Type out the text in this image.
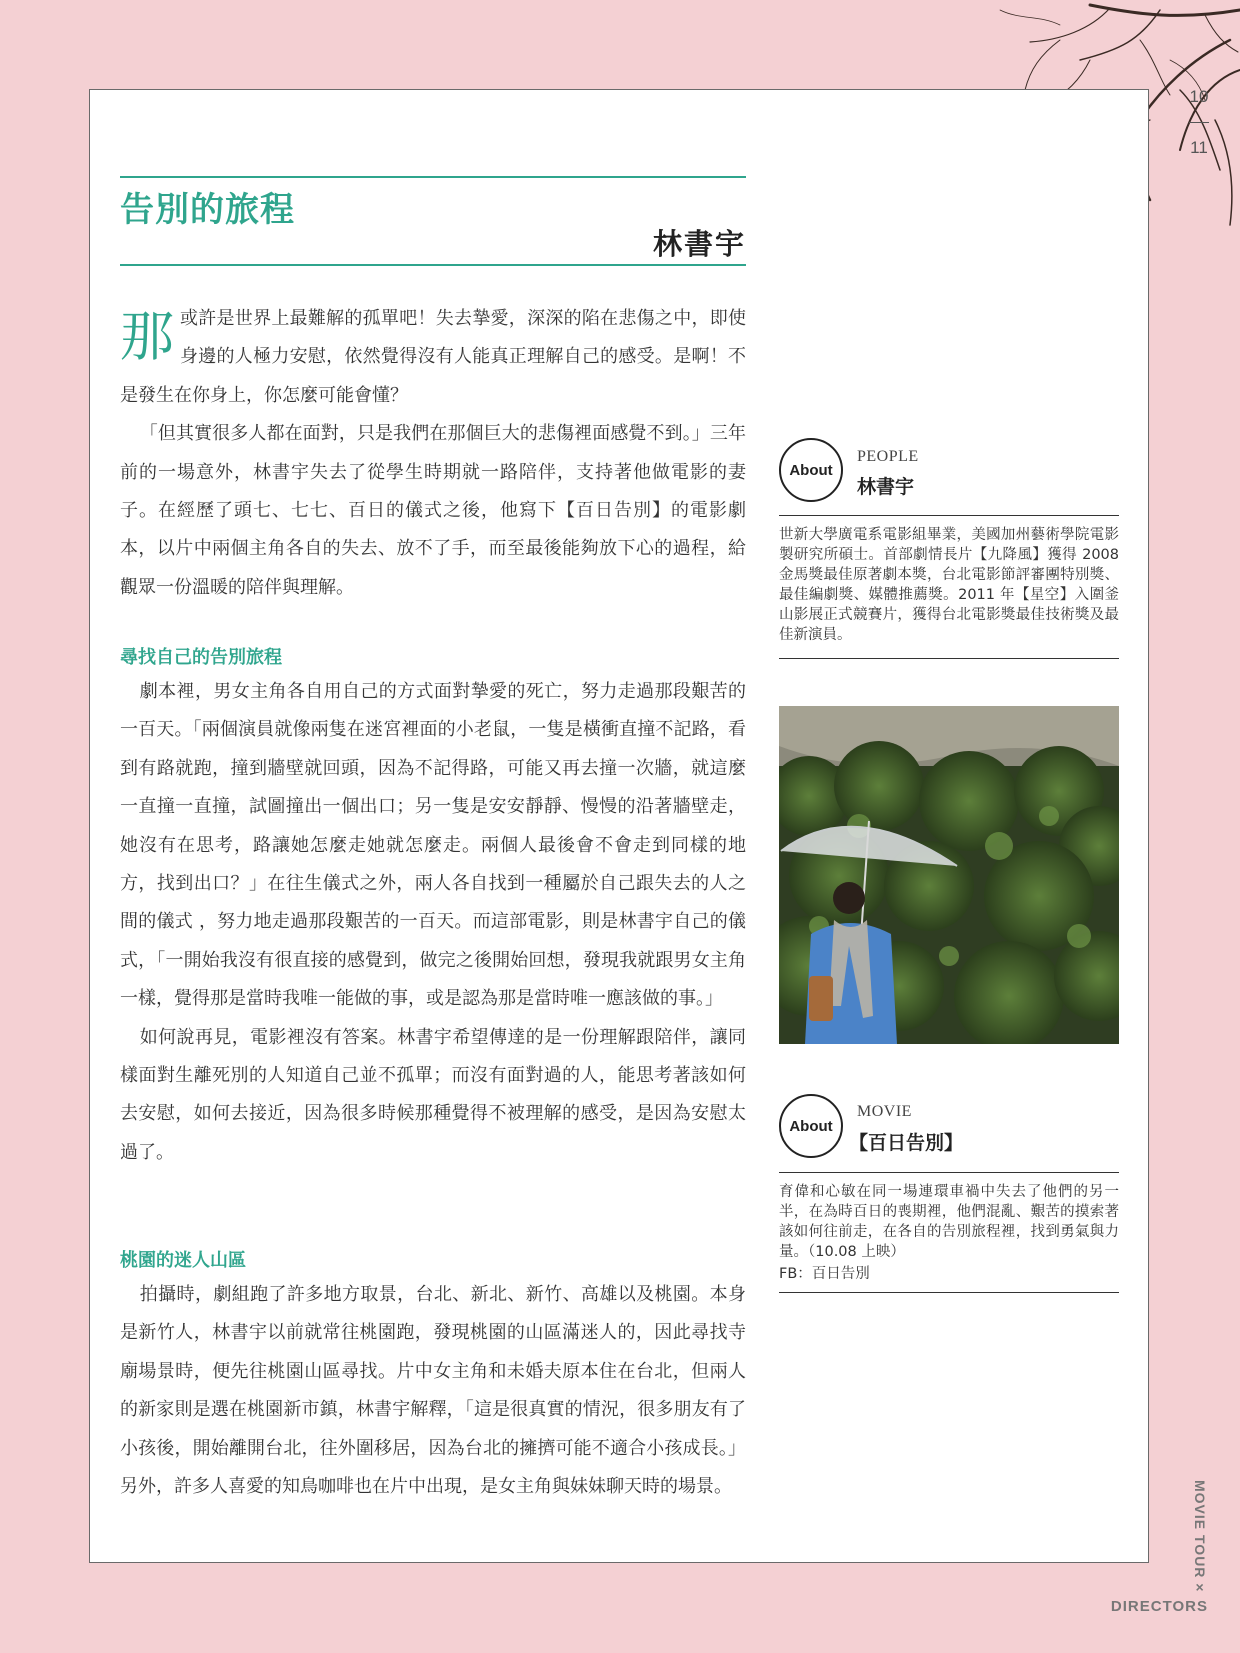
10
11
告別的旅程
林書宇

那 或許是世界上最難解的孤單吧！失去摯愛，深深的陷在悲傷之中，即使身邊的人極力安慰，依然覺得沒有人能真正理解自己的感受。是啊！不是發生在你身上，你怎麼可能會懂？

「但其實很多人都在面對，只是我們在那個巨大的悲傷裡面感覺不到。」三年前的一場意外，林書宇失去了從學生時期就一路陪伴，支持著他做電影的妻子。在經歷了頭七、七七、百日的儀式之後，他寫下【百日告別】的電影劇本，以片中兩個主角各自的失去、放不了手，而至最後能夠放下心的過程，給觀眾一份溫暖的陪伴與理解。

尋找自己的告別旅程

劇本裡，男女主角各自用自己的方式面對摯愛的死亡，努力走過那段艱苦的一百天。「兩個演員就像兩隻在迷宮裡面的小老鼠，一隻是橫衝直撞不記路，看到有路就跑，撞到牆壁就回頭，因為不記得路，可能又再去撞一次牆，就這麼一直撞一直撞，試圖撞出一個出口；另一隻是安安靜靜、慢慢的沿著牆壁走，她沒有在思考，路讓她怎麼走她就怎麼走。兩個人最後會不會走到同樣的地方，找到出口？」在往生儀式之外，兩人各自找到一種屬於自己跟失去的人之間的儀式 ，努力地走過那段艱苦的一百天。而這部電影，則是林書宇自己的儀式，「一開始我沒有很直接的感覺到，做完之後開始回想，發現我就跟男女主角一樣，覺得那是當時我唯一能做的事，或是認為那是當時唯一應該做的事。」

如何說再見，電影裡沒有答案。林書宇希望傳達的是一份理解跟陪伴，讓同樣面對生離死別的人知道自己並不孤單；而沒有面對過的人，能思考著該如何去安慰，如何去接近，因為很多時候那種覺得不被理解的感受，是因為安慰太過了。

桃園的迷人山區

拍攝時，劇組跑了許多地方取景，台北、新北、新竹、高雄以及桃園。本身是新竹人，林書宇以前就常往桃園跑，發現桃園的山區滿迷人的，因此尋找寺廟場景時，便先往桃園山區尋找。片中女主角和未婚夫原本住在台北，但兩人的新家則是選在桃園新市鎮，林書宇解釋，「這是很真實的情況，很多朋友有了小孩後，開始離開台北，往外圍移居，因為台北的擁擠可能不適合小孩成長。」另外，許多人喜愛的知鳥咖啡也在片中出現，是女主角與妹妹聊天時的場景。

About
PEOPLE
林書宇

世新大學廣電系電影組畢業，美國加州藝術學院電影製研究所碩士。首部劇情長片【九降風】獲得 2008 金馬獎最佳原著劇本獎，台北電影節評審團特別獎、最佳編劇獎、媒體推薦獎。2011 年【星空】入圍釜山影展正式競賽片，獲得台北電影獎最佳技術獎及最佳新演員。

About
MOVIE
【百日告別】

育偉和心敏在同一場連環車禍中失去了他們的另一半，在為時百日的喪期裡，他們混亂、艱苦的摸索著該如何往前走，在各自的告別旅程裡，找到勇氣與力量。（10.08 上映）

FB：百日告別

MOVIE TOUR ×
DIRECTORS
